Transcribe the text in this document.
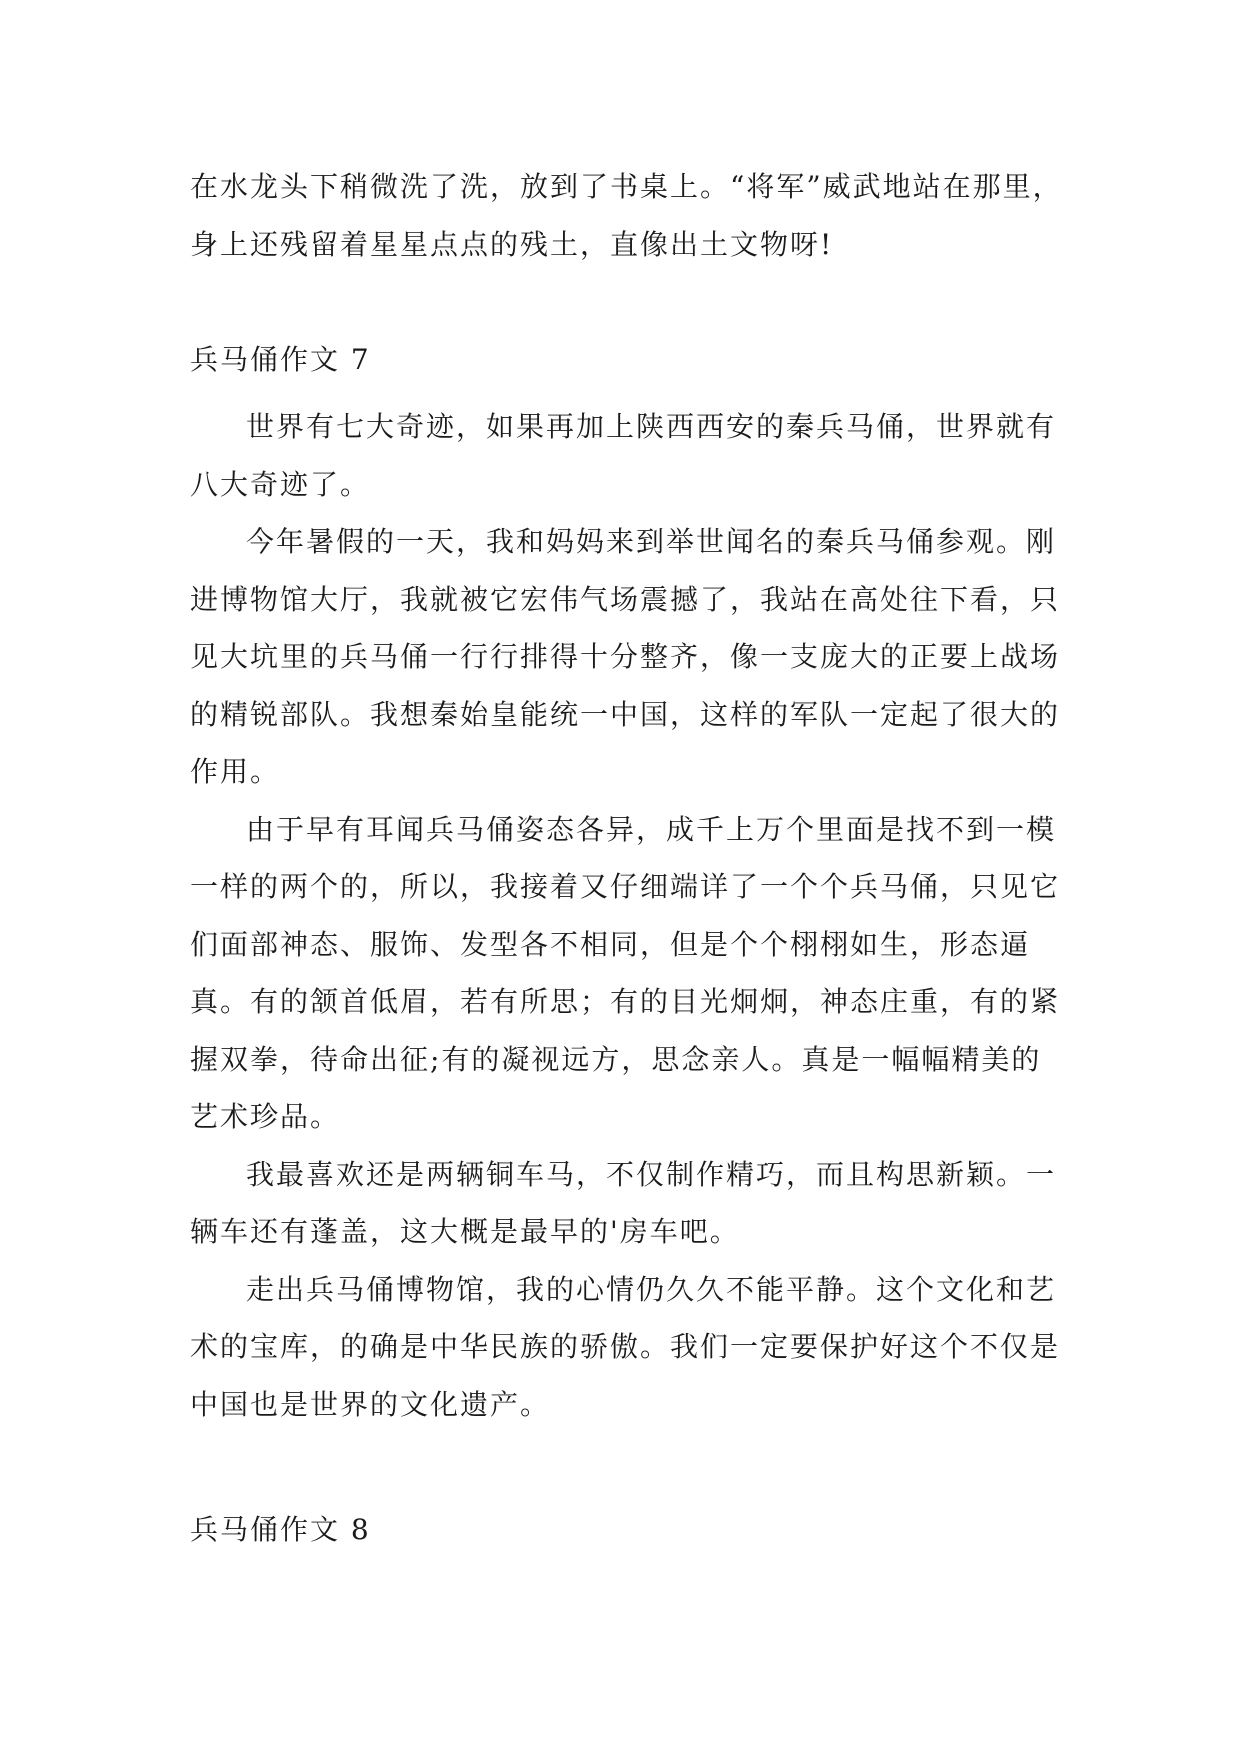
在水龙头下稍微洗了洗，放到了书桌上。“将军”威武地站在那里，身上还残留着星星点点的残土，直像出土文物呀!

兵马俑作文 7

世界有七大奇迹，如果再加上陕西西安的秦兵马俑，世界就有八大奇迹了。

今年暑假的一天，我和妈妈来到举世闻名的秦兵马俑参观。刚进博物馆大厅，我就被它宏伟气场震撼了，我站在高处往下看，只见大坑里的兵马俑一行行排得十分整齐，像一支庞大的正要上战场的精锐部队。我想秦始皇能统一中国，这样的军队一定起了很大的作用。

由于早有耳闻兵马俑姿态各异，成千上万个里面是找不到一模一样的两个的，所以，我接着又仔细端详了一个个兵马俑，只见它们面部神态、服饰、发型各不相同，但是个个栩栩如生，形态逼真。有的颔首低眉，若有所思；有的目光炯炯，神态庄重，有的紧握双拳，待命出征;有的凝视远方，思念亲人。真是一幅幅精美的艺术珍品。

我最喜欢还是两辆铜车马，不仅制作精巧，而且构思新颖。一辆车还有蓬盖，这大概是最早的'房车吧。

走出兵马俑博物馆，我的心情仍久久不能平静。这个文化和艺术的宝库，的确是中华民族的骄傲。我们一定要保护好这个不仅是中国也是世界的文化遗产。

兵马俑作文 8
